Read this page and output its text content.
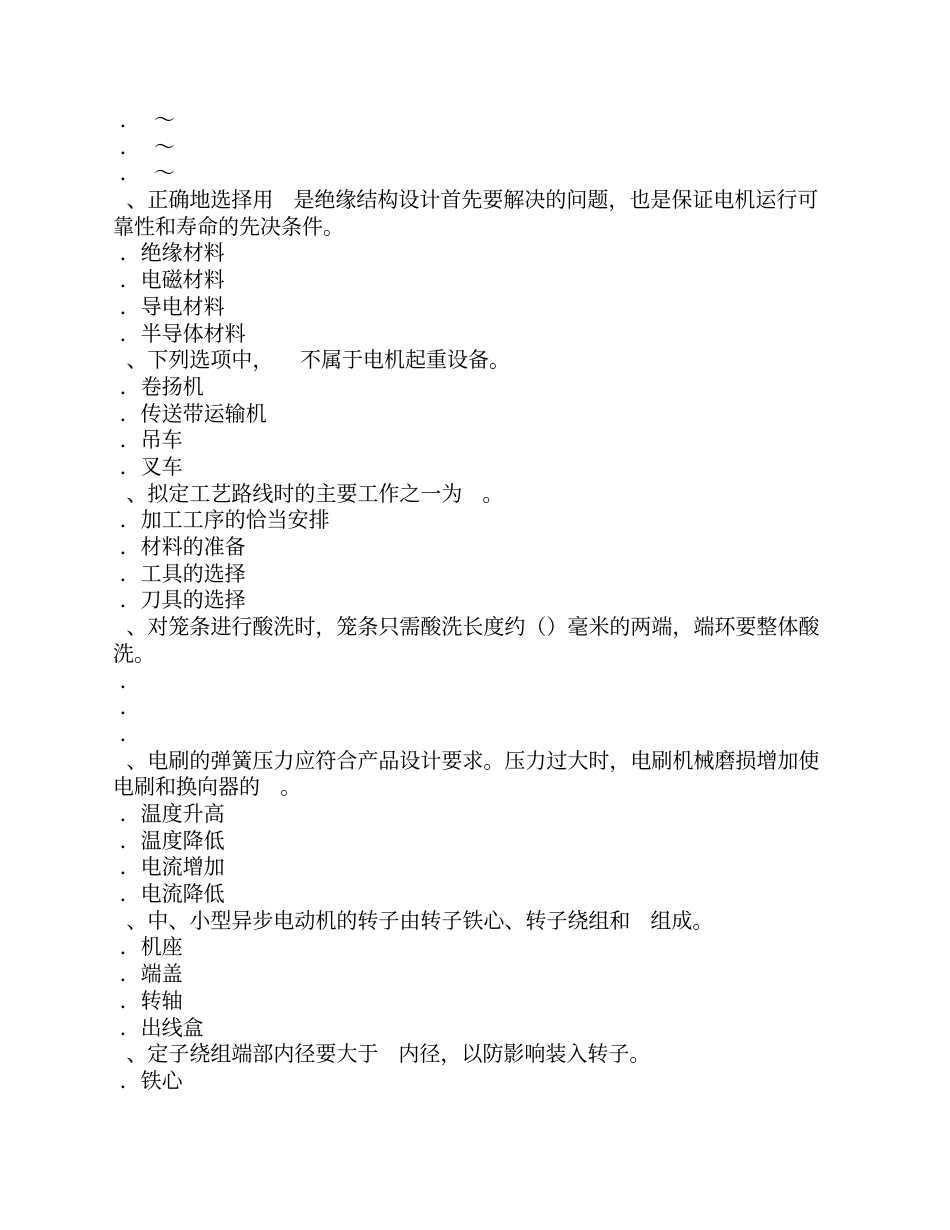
．  ～
．  ～
．  ～
、正确地选择用   是绝缘结构设计首先要解决的问题，也是保证电机运行可靠性和寿命的先决条件。
．绝缘材料
．电磁材料
．导电材料
．半导体材料
、下列选项中，    不属于电机起重设备。
．卷扬机
．传送带运输机
．吊车
．叉车
、拟定工艺路线时的主要工作之一为   。
．加工工序的恰当安排
．材料的准备
．工具的选择
．刀具的选择
、对笼条进行酸洗时，笼条只需酸洗长度约（）毫米的两端，端环要整体酸洗。
．
．
．
、电刷的弹簧压力应符合产品设计要求。压力过大时，电刷机械磨损增加使电刷和换向器的   。
．温度升高
．温度降低
．电流增加
．电流降低
、中、小型异步电动机的转子由转子铁心、转子绕组和   组成。
．机座
．端盖
．转轴
．出线盒
、定子绕组端部内径要大于   内径，以防影响装入转子。
．铁心
